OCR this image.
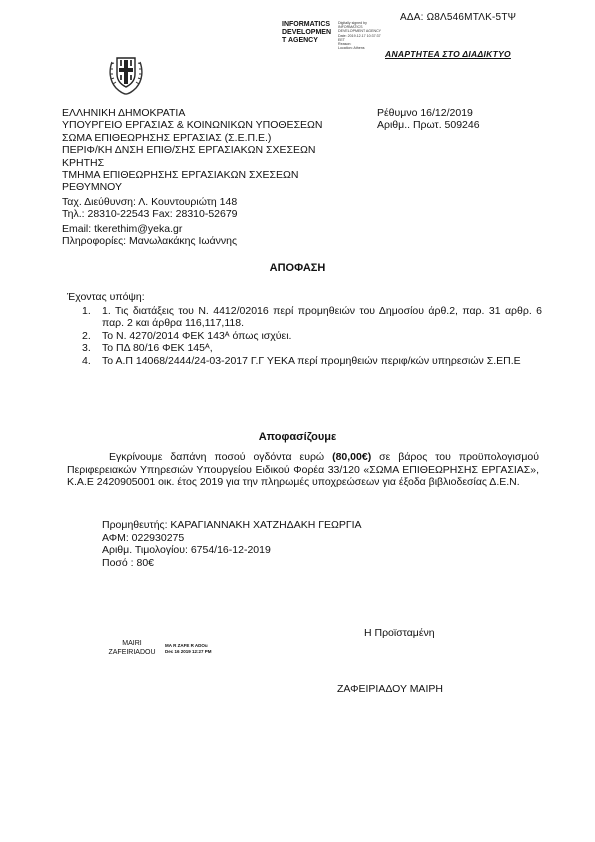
ΑΔΑ: Ω8Λ546ΜΤΛΚ-5ΤΨ
INFORMATICS
DEVELOPMEN
T AGENCY
Digitally signed by
INFORMATICS
DEVELOPMENT AGENCY
Date: 2019.12.17 10:37:37
EET
Reason:
Location: Athens
ΑΝΑΡΤΗΤΕΑ ΣΤΟ ΔΙΑΔΙΚΤΥΟ
ΕΛΛΗΝΙΚΗ ΔΗΜΟΚΡΑΤΙΑ
ΥΠΟΥΡΓΕΙΟ ΕΡΓΑΣΙΑΣ & ΚΟΙΝΩΝΙΚΩΝ ΥΠΟΘΕΣΕΩΝ
ΣΩΜΑ ΕΠΙΘΕΩΡΗΣΗΣ ΕΡΓΑΣΙΑΣ (Σ.Ε.Π.Ε.)
ΠΕΡΙΦ/ΚΗ ΔΝΣΗ ΕΠΙΘ/ΣΗΣ ΕΡΓΑΣΙΑΚΩΝ ΣΧΕΣΕΩΝ
ΚΡΗΤΗΣ
ΤΜΗΜΑ ΕΠΙΘΕΩΡΗΣΗΣ ΕΡΓΑΣΙΑΚΩΝ ΣΧΕΣΕΩΝ
ΡΕΘΥΜΝΟΥ
Ταχ. Διεύθυνση: Λ. Κουντουριώτη 148
Τηλ.: 28310-22543 Fax: 28310-52679
Email: tkerethim@yeka.gr
Πληροφορίες: Μανωλακάκης Ιωάννης
Ρέθυμνο 16/12/2019
Αριθμ.. Πρωτ. 509246
ΑΠΟΦΑΣΗ
Έχοντας υπόψη:
1. 1. Τις διατάξεις του Ν. 4412/02016 περί προμηθειών του Δημοσίου άρθ.2, παρ. 31 αρθρ. 6 παρ. 2 και άρθρα 116,117,118.
2. Το Ν. 4270/2014 ΦΕΚ 143ᴬ όπως ισχύει.
3. Το ΠΔ 80/16 ΦΕΚ 145ᴬ,
4. Το Α.Π 14068/2444/24-03-2017 Γ.Γ ΥΕΚΑ περί προμηθειών περιφ/κών υπηρεσιών Σ.ΕΠ.Ε
Αποφασίζουμε
Εγκρίνουμε δαπάνη ποσού ογδόντα ευρώ (80,00€) σε βάρος του προϋπολογισμού Περιφερειακών Υπηρεσιών Υπουργείου Ειδικού Φορέα 33/120 «ΣΩΜΑ ΕΠΙΘΕΩΡΗΣΗΣ ΕΡΓΑΣΙΑΣ», Κ.Α.Ε 2420905001 οικ. έτος 2019 για την πληρωμές υποχρεώσεων για έξοδα βιβλιοδεσίας Δ.Ε.Ν.
Προμηθευτής: ΚΑΡΑΓΙΑΝΝΑΚΗ ΧΑΤΖΗΔΑΚΗ ΓΕΩΡΓΙΑ
ΑΦΜ: 022930275
Αριθμ. Τιμολογίου: 6754/16-12-2019
Ποσό : 80€
Η Προϊσταμένη
MAIRI
ZAFEIRIADOU
MA R ZAFE R ADOu
Dec 16 2019 12:27 PM
ΖΑΦΕΙΡΙΑΔΟΥ ΜΑΙΡΗ
